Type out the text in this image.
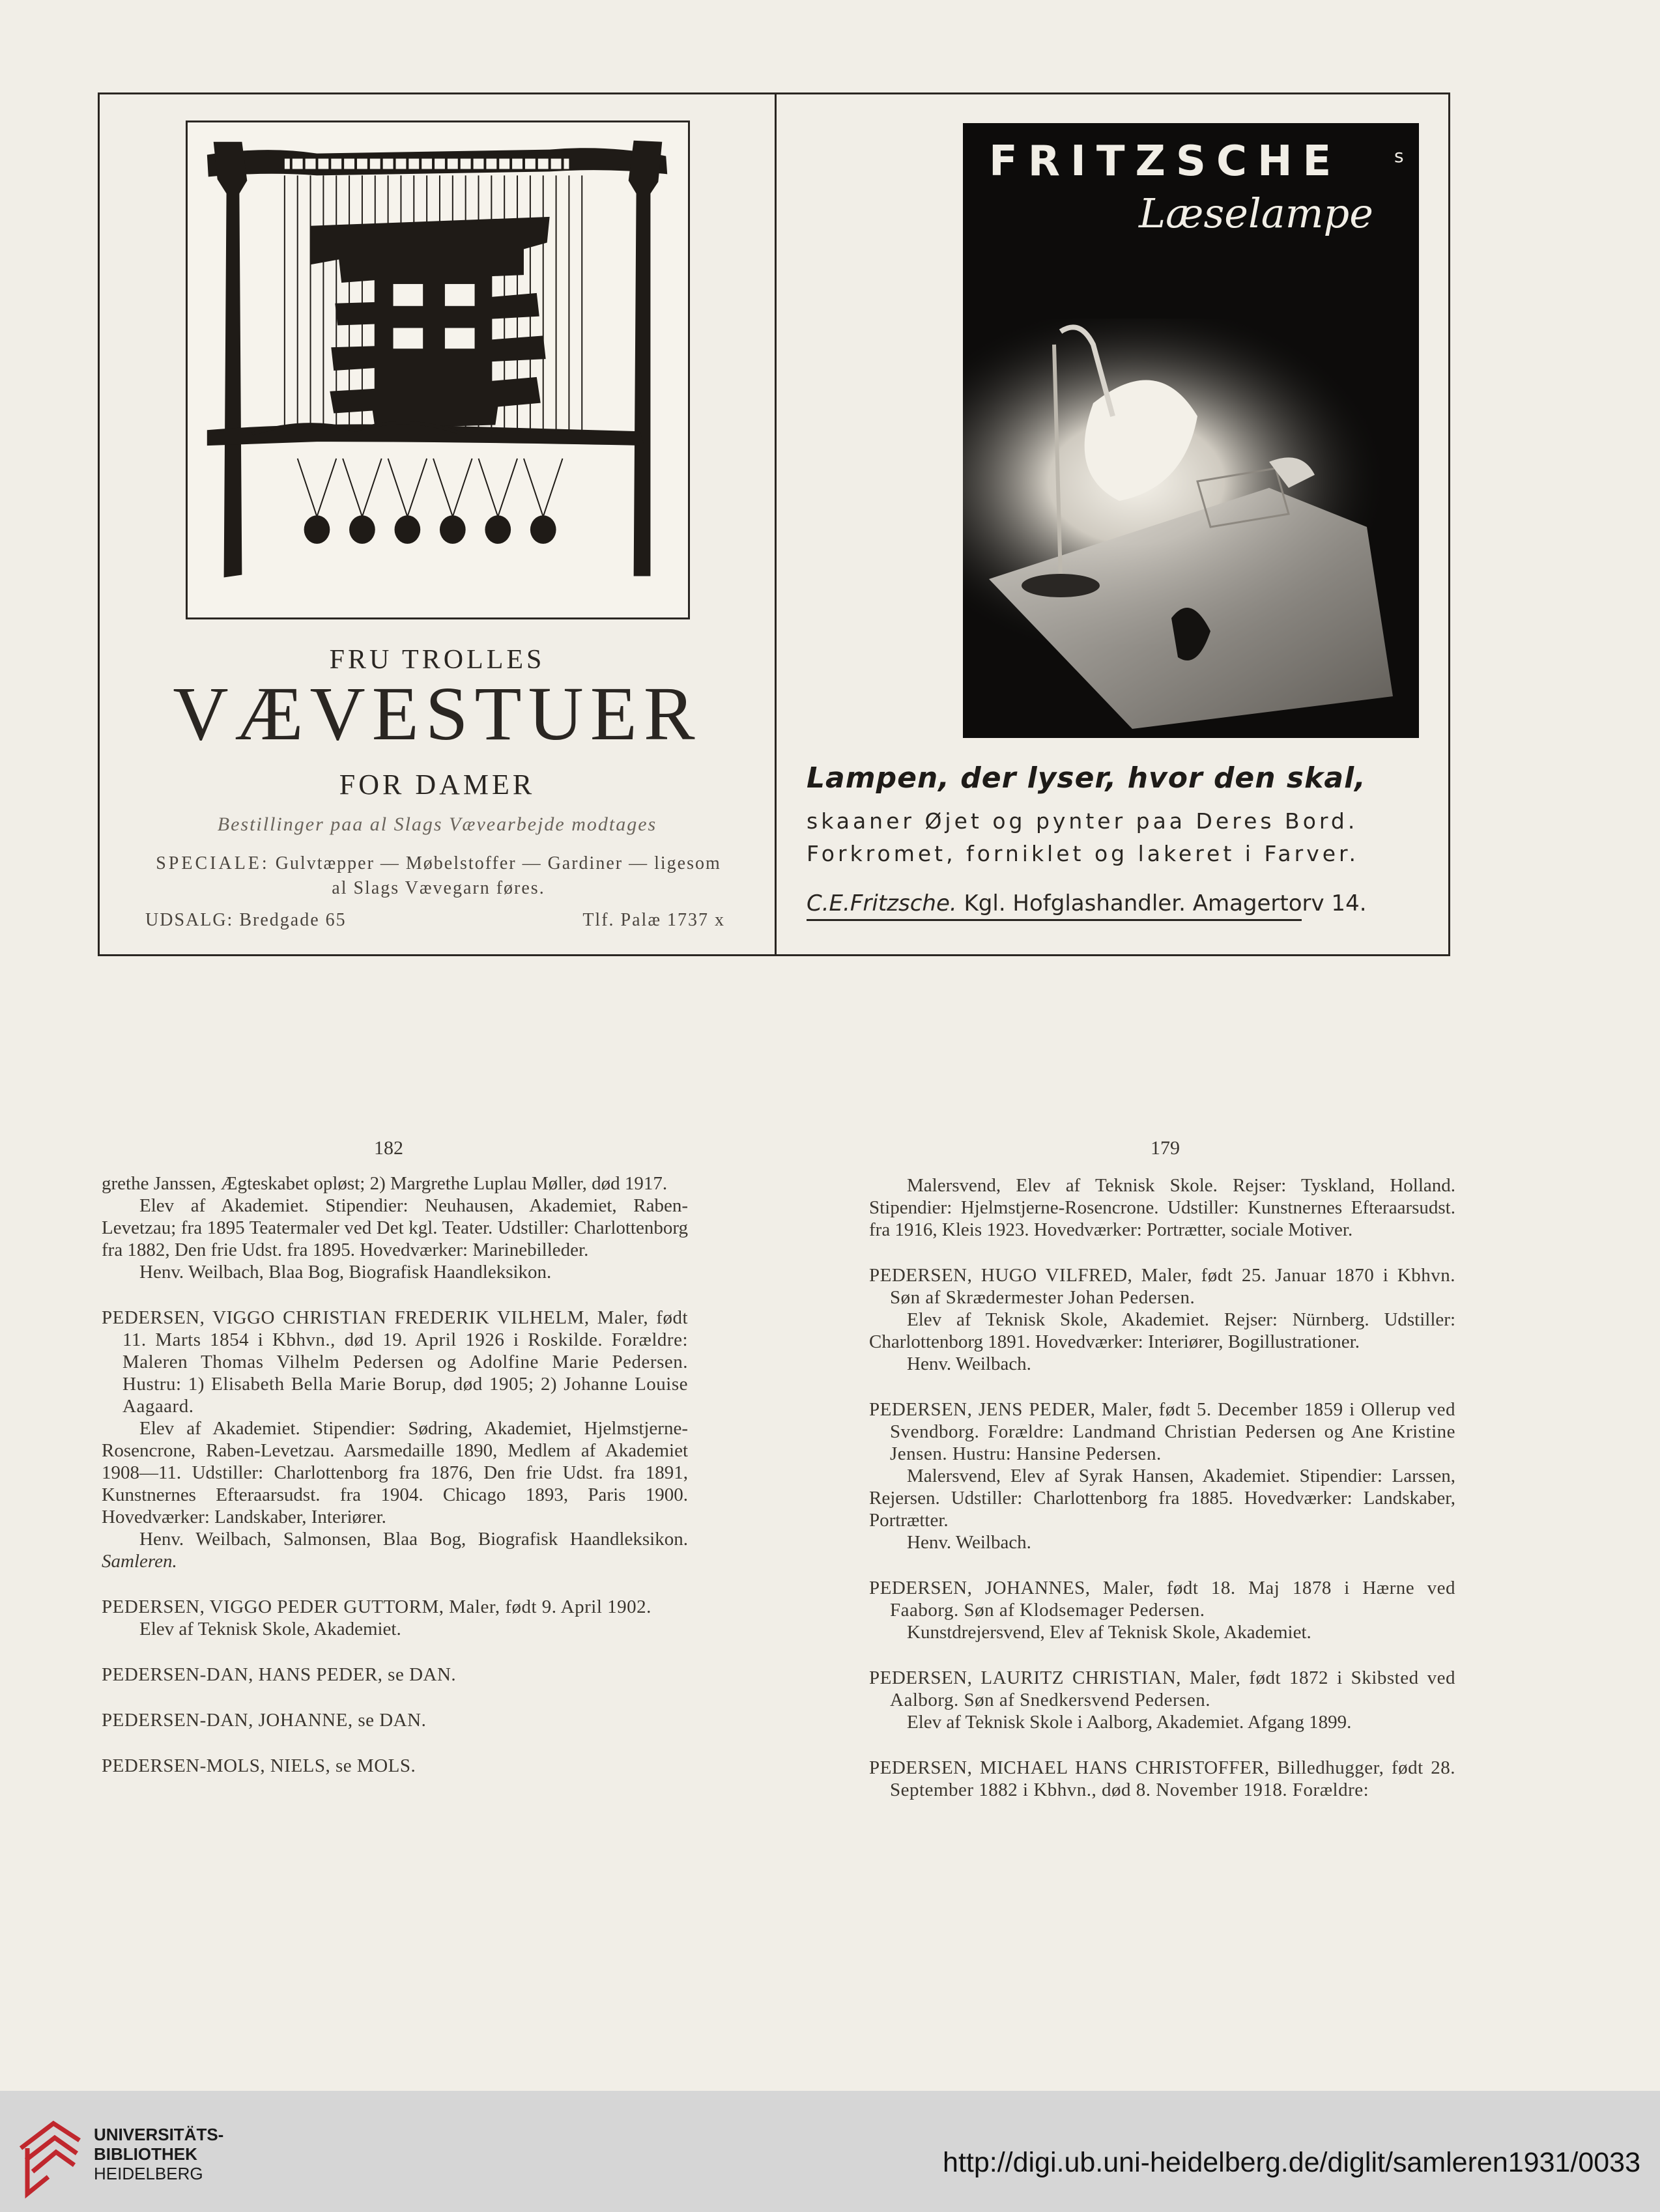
FRU TROLLES
VÆVESTUER
FOR DAMER
Bestillinger paa al Slags Vævearbejde modtages
SPECIALE: Gulvtæpper — Møbelstoffer — Gardiner — ligesom
al Slags Vævegarn føres.
UDSALG: Bredgade 65	Tlf. Palæ 1737 x
FRITZSCHE	s
Læselampe
Lampen, der lyser, hvor den skal,
skaaner Øjet og pynter paa Deres Bord.
Forkromet, forniklet og lakeret i Farver.
C.E.Fritzsche. Kgl. Hofglashandler. Amagertorv 14.
182	179

grethe Janssen, Ægteskabet opløst; 2) Margrethe Luplau Møller, død 1917.

Elev af Akademiet. Stipendier: Neuhausen, Akademiet, Raben-Levetzau; fra 1895 Teatermaler ved Det kgl. Teater. Udstiller: Charlottenborg fra 1882, Den frie Udst. fra 1895. Hovedværker: Marinebilleder.

Henv. Weilbach, Blaa Bog, Biografisk Haandleksikon.

PEDERSEN, VIGGO CHRISTIAN FREDERIK VILHELM, Maler, født 11. Marts 1854 i Kbhvn., død 19. April 1926 i Roskilde. Forældre: Maleren Thomas Vilhelm Pedersen og Adolfine Marie Pedersen. Hustru: 1) Elisabeth Bella Marie Borup, død 1905; 2) Johanne Louise Aagaard.

Elev af Akademiet. Stipendier: Sødring, Akademiet, Hjelmstjerne-Rosencrone, Raben-Levetzau. Aarsmedaille 1890, Medlem af Akademiet 1908—11. Udstiller: Charlottenborg fra 1876, Den frie Udst. fra 1891, Kunstnernes Efteraarsudst. fra 1904. Chicago 1893, Paris 1900. Hovedværker: Landskaber, Interiører.

Henv. Weilbach, Salmonsen, Blaa Bog, Biografisk Haandleksikon. Samleren.

PEDERSEN, VIGGO PEDER GUTTORM, Maler, født 9. April 1902.

Elev af Teknisk Skole, Akademiet.

PEDERSEN-DAN, HANS PEDER, se DAN.

PEDERSEN-DAN, JOHANNE, se DAN.

PEDERSEN-MOLS, NIELS, se MOLS.

Malersvend, Elev af Teknisk Skole. Rejser: Tyskland, Holland. Stipendier: Hjelmstjerne-Rosencrone. Udstiller: Kunstnernes Efteraarsudst. fra 1916, Kleis 1923. Hovedværker: Portrætter, sociale Motiver.

PEDERSEN, HUGO VILFRED, Maler, født 25. Januar 1870 i Kbhvn. Søn af Skrædermester Johan Pedersen.

Elev af Teknisk Skole, Akademiet. Rejser: Nürnberg. Udstiller: Charlottenborg 1891. Hovedværker: Interiører, Bogillustrationer.

Henv. Weilbach.

PEDERSEN, JENS PEDER, Maler, født 5. December 1859 i Ollerup ved Svendborg. Forældre: Landmand Christian Pedersen og Ane Kristine Jensen. Hustru: Hansine Pedersen.

Malersvend, Elev af Syrak Hansen, Akademiet. Stipendier: Larssen, Rejersen. Udstiller: Charlottenborg fra 1885. Hovedværker: Landskaber, Portrætter.

Henv. Weilbach.

PEDERSEN, JOHANNES, Maler, født 18. Maj 1878 i Hærne ved Faaborg. Søn af Klodsemager Pedersen.

Kunstdrejersvend, Elev af Teknisk Skole, Akademiet.

PEDERSEN, LAURITZ CHRISTIAN, Maler, født 1872 i Skibsted ved Aalborg. Søn af Snedkersvend Pedersen.

Elev af Teknisk Skole i Aalborg, Akademiet. Afgang 1899.

PEDERSEN, MICHAEL HANS CHRISTOFFER, Billedhugger, født 28. September 1882 i Kbhvn., død 8. November 1918. Forældre:

UNIVERSITÄTS-
BIBLIOTHEK
HEIDELBERG	http://digi.ub.uni-heidelberg.de/diglit/samleren1931/0033
